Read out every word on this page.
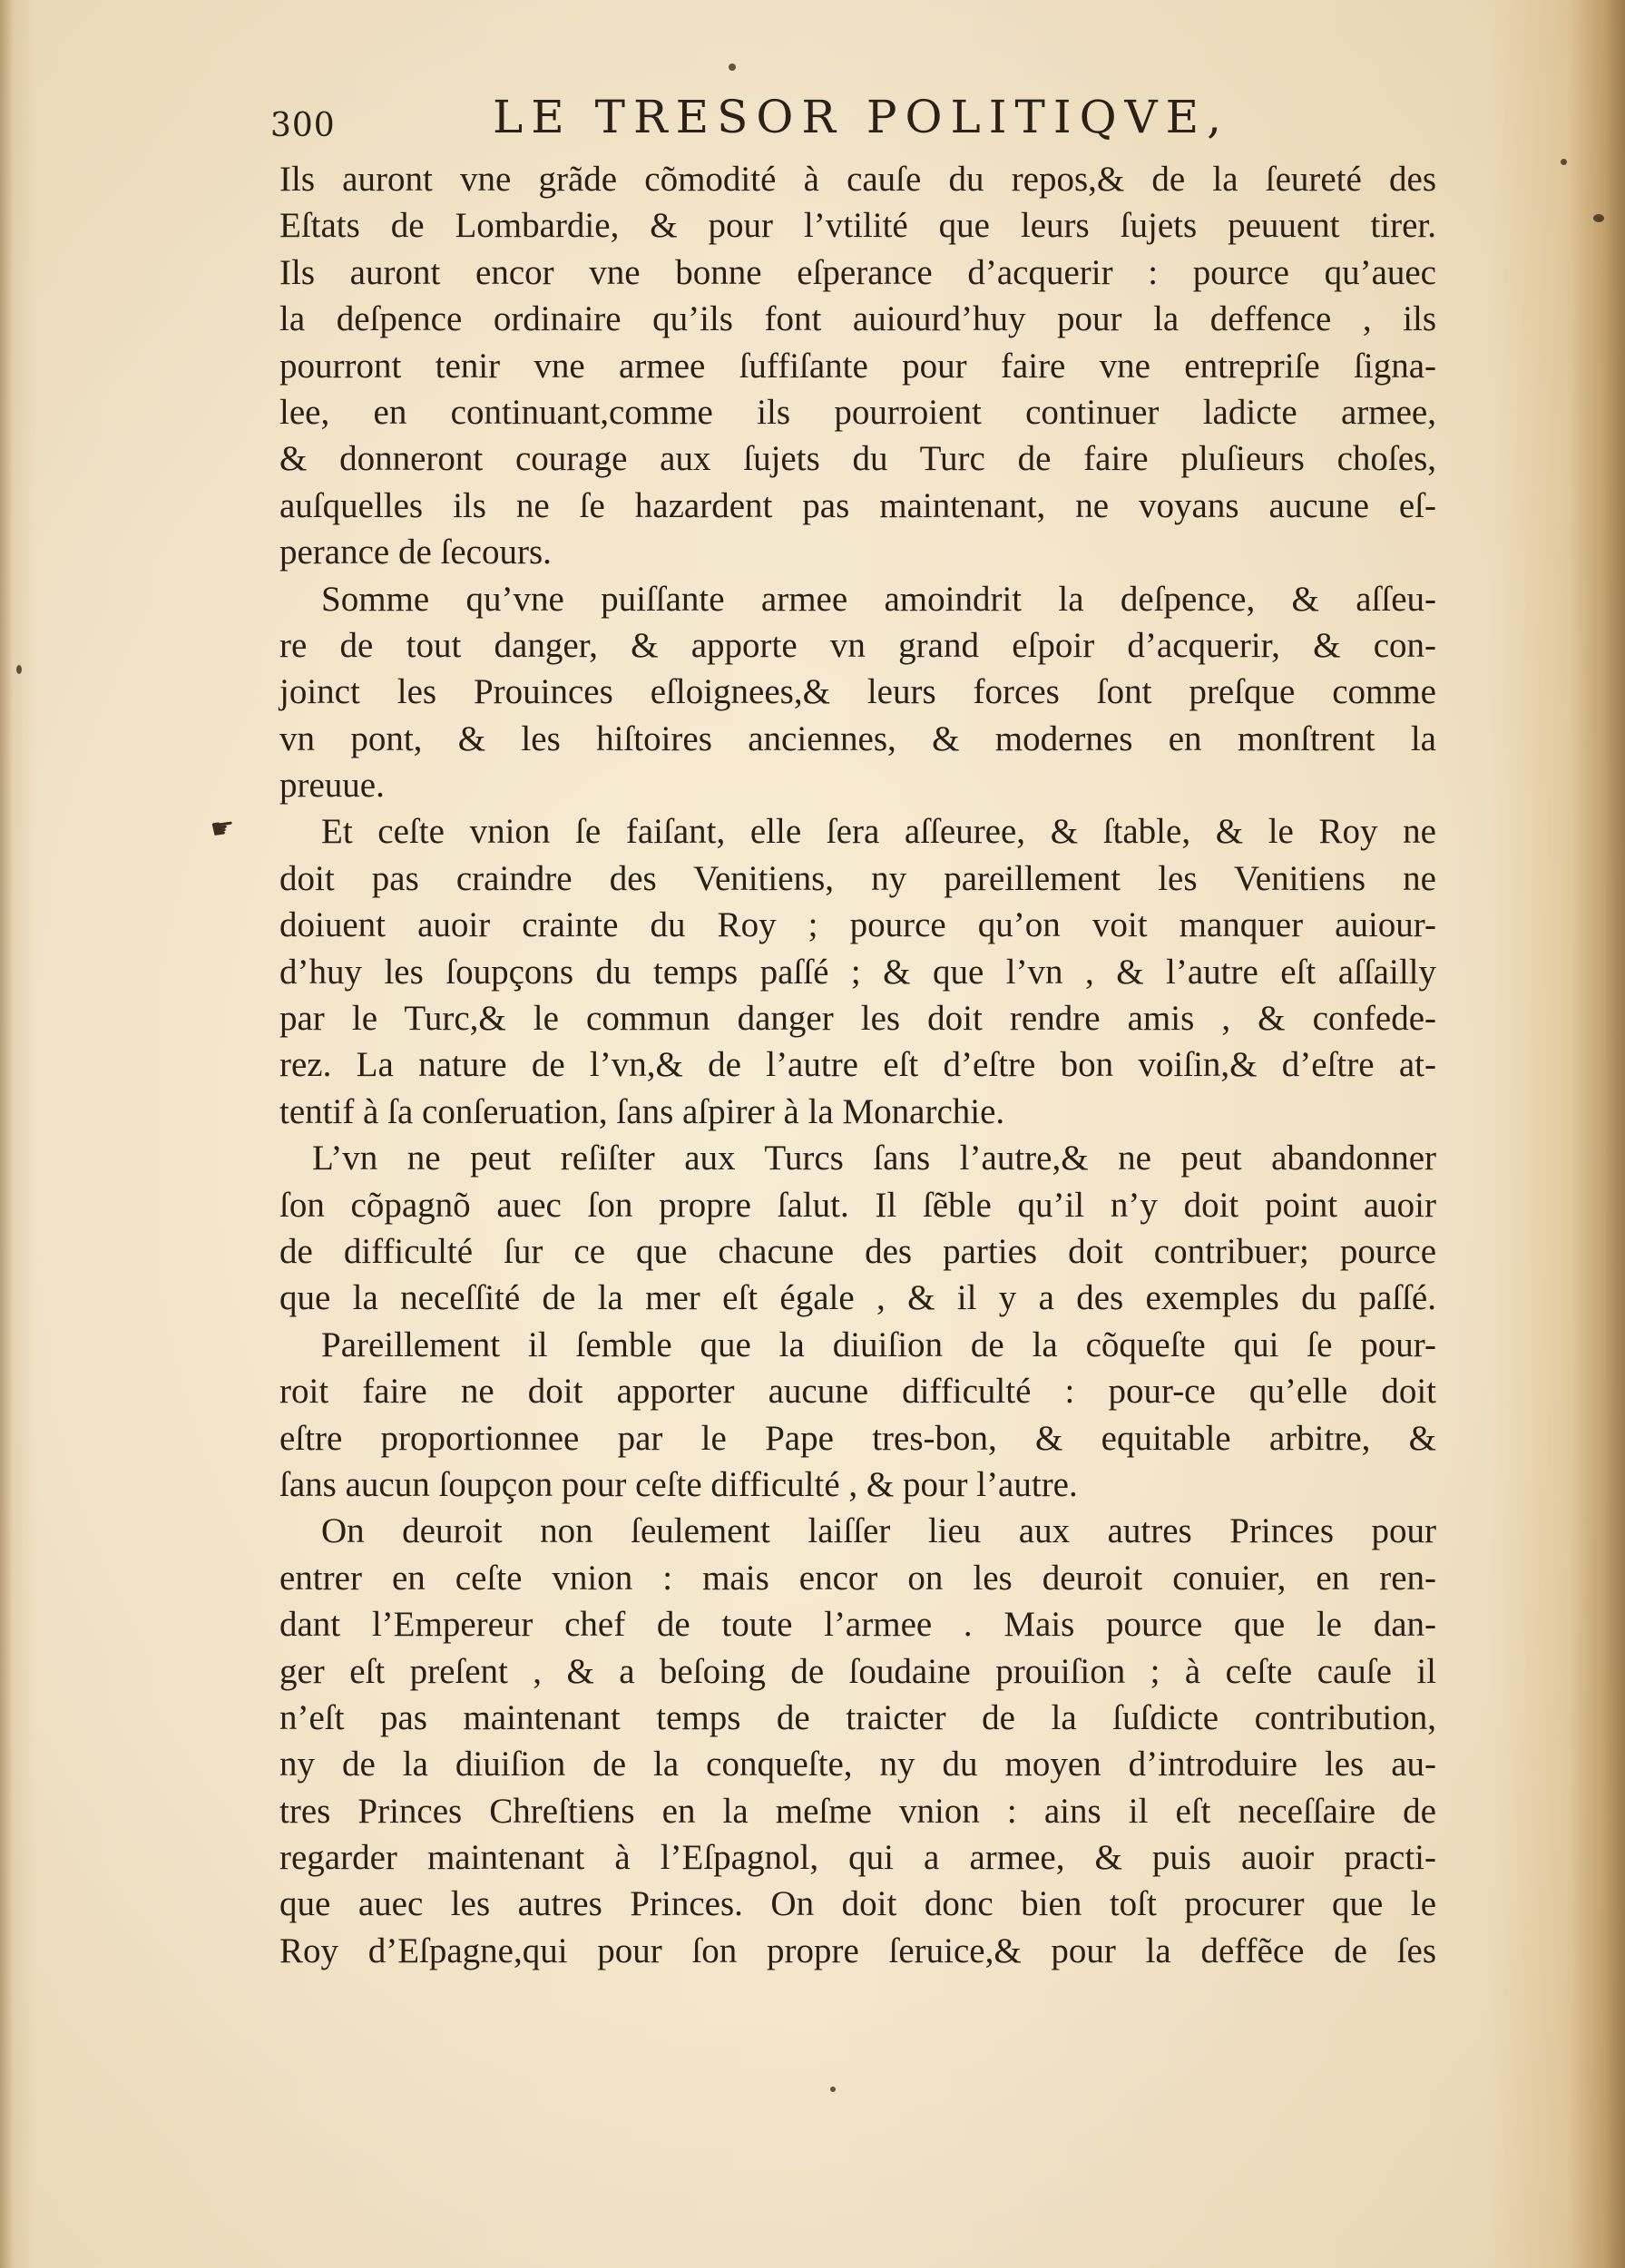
300	LE TRESOR POLITIQVE,
☛
Ils auront vne grãde cõmodité à cauſe du repos,& de la ſeureté des
Eſtats de Lombardie, & pour l’vtilité que leurs ſujets peuuent tirer.
Ils auront encor vne bonne eſperance d’acquerir : pource qu’auec
la deſpence ordinaire qu’ils font auiourd’huy pour la deffence , ils
pourront tenir vne armee ſuffiſante pour faire vne entrepriſe ſigna-
lee, en continuant,comme ils pourroient continuer ladicte armee,
& donneront courage aux ſujets du Turc de faire pluſieurs choſes,
auſquelles ils ne ſe hazardent pas maintenant, ne voyans aucune eſ-
perance de ſecours.
Somme qu’vne puiſſante armee amoindrit la deſpence, & aſſeu-
re de tout danger, & apporte vn grand eſpoir d’acquerir, & con-
joinct les Prouinces eſloignees,& leurs forces ſont preſque comme
vn pont, & les hiſtoires anciennes, & modernes en monſtrent la
preuue.
Et ceſte vnion ſe faiſant, elle ſera aſſeuree, & ſtable, & le Roy ne
doit pas craindre des Venitiens, ny pareillement les Venitiens ne
doiuent auoir crainte du Roy ; pource qu’on voit manquer auiour-
d’huy les ſoupçons du temps paſſé ; & que l’vn , & l’autre eſt aſſailly
par le Turc,& le commun danger les doit rendre amis , & confede-
rez. La nature de l’vn,& de l’autre eſt d’eſtre bon voiſin,& d’eſtre at-
tentif à ſa conſeruation, ſans aſpirer à la Monarchie.
L’vn ne peut reſiſter aux Turcs ſans l’autre,& ne peut abandonner
ſon cõpagnõ auec ſon propre ſalut. Il ſẽble qu’il n’y doit point auoir
de difficulté ſur ce que chacune des parties doit contribuer; pource
que la neceſſité de la mer eſt égale , & il y a des exemples du paſſé.
Pareillement il ſemble que la diuiſion de la cõqueſte qui ſe pour-
roit faire ne doit apporter aucune difficulté : pour-ce qu’elle doit
eſtre proportionnee par le Pape tres-bon, & equitable arbitre, &
ſans aucun ſoupçon pour ceſte difficulté , & pour l’autre.
On deuroit non ſeulement laiſſer lieu aux autres Princes pour
entrer en ceſte vnion : mais encor on les deuroit conuier, en ren-
dant l’Empereur chef de toute l’armee . Mais pource que le dan-
ger eſt preſent , & a beſoing de ſoudaine prouiſion ; à ceſte cauſe il
n’eſt pas maintenant temps de traicter de la ſuſdicte contribution,
ny de la diuiſion de la conqueſte, ny du moyen d’introduire les au-
tres Princes Chreſtiens en la meſme vnion : ains il eſt neceſſaire de
regarder maintenant à l’Eſpagnol, qui a armee, & puis auoir practi-
que auec les autres Princes. On doit donc bien toſt procurer que le
Roy d’Eſpagne,qui pour ſon propre ſeruice,& pour la deffẽce de ſes
